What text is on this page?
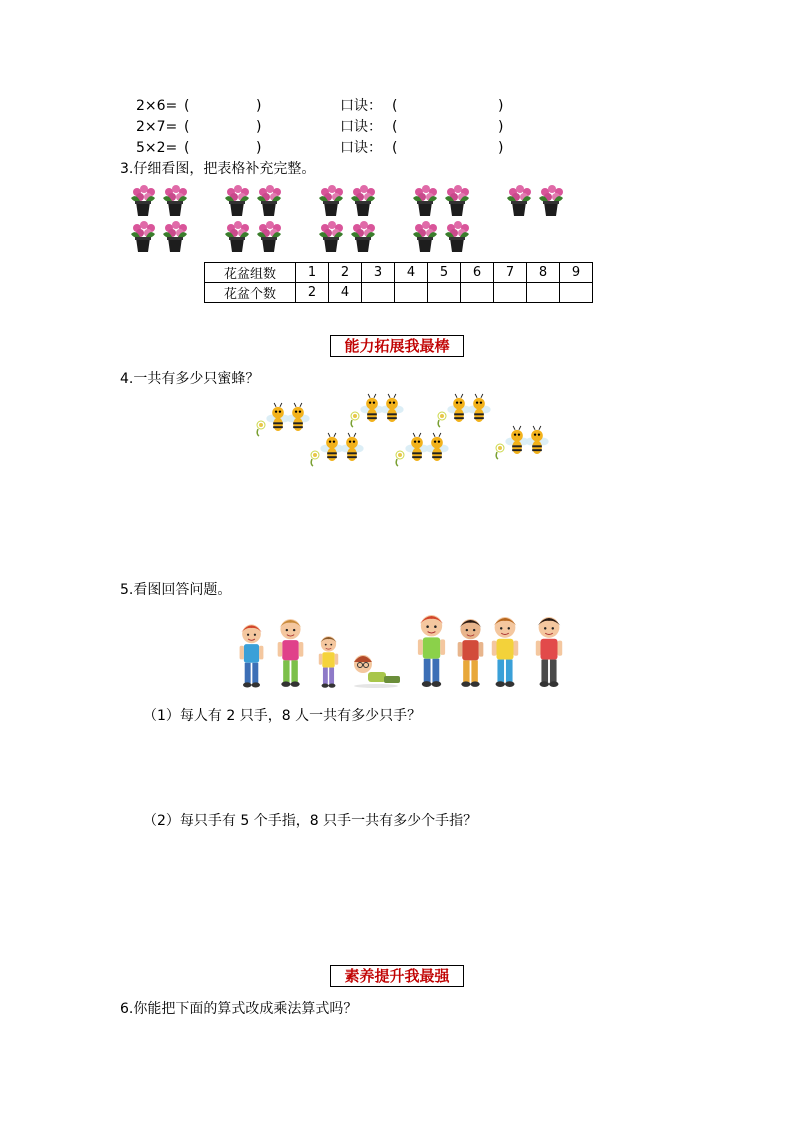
2×6= (	)	口诀： (	)
2×7= (	)	口诀： (	)
5×2= (	)	口诀： (	)
3.仔细看图，把表格补充完整。
花盆组数	1	2	3	4	5	6	7	8	9
花盆个数	2	4							
能力拓展我最棒
4.一共有多少只蜜蜂？
5.看图回答问题。
（1）每人有 2 只手，8 人一共有多少只手？
（2）每只手有 5 个手指，8 只手一共有多少个手指？
素养提升我最强
6.你能把下面的算式改成乘法算式吗？
